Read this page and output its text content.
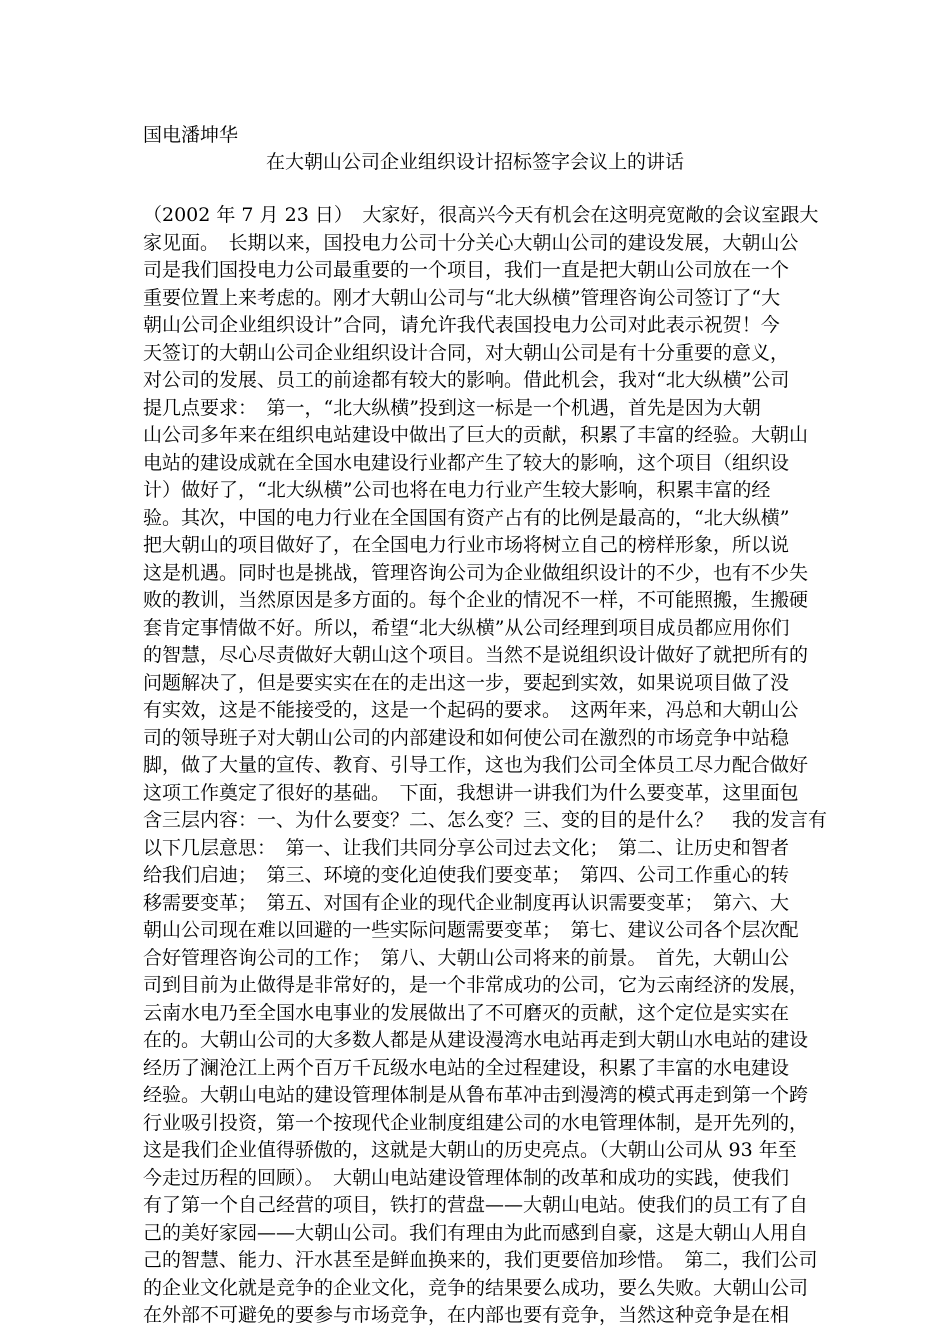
国电潘坤华
在大朝山公司企业组织设计招标签字会议上的讲话
（2002 年 7 月 23 日）　大家好，很高兴今天有机会在这明亮宽敞的会议室跟大
家见面。　长期以来，国投电力公司十分关心大朝山公司的建设发展，大朝山公
司是我们国投电力公司最重要的一个项目，我们一直是把大朝山公司放在一个
重要位置上来考虑的。刚才大朝山公司与“北大纵横”管理咨询公司签订了“大
朝山公司企业组织设计”合同，请允许我代表国投电力公司对此表示祝贺！今
天签订的大朝山公司企业组织设计合同，对大朝山公司是有十分重要的意义，
对公司的发展、员工的前途都有较大的影响。借此机会，我对“北大纵横”公司
提几点要求：　第一，“北大纵横”投到这一标是一个机遇，首先是因为大朝
山公司多年来在组织电站建设中做出了巨大的贡献，积累了丰富的经验。大朝山
电站的建设成就在全国水电建设行业都产生了较大的影响，这个项目（组织设
计）做好了，“北大纵横”公司也将在电力行业产生较大影响，积累丰富的经
验。其次，中国的电力行业在全国国有资产占有的比例是最高的，“北大纵横”
把大朝山的项目做好了，在全国电力行业市场将树立自己的榜样形象，所以说
这是机遇。同时也是挑战，管理咨询公司为企业做组织设计的不少，也有不少失
败的教训，当然原因是多方面的。每个企业的情况不一样，不可能照搬，生搬硬
套肯定事情做不好。所以，希望“北大纵横”从公司经理到项目成员都应用你们
的智慧，尽心尽责做好大朝山这个项目。当然不是说组织设计做好了就把所有的
问题解决了，但是要实实在在的走出这一步，要起到实效，如果说项目做了没
有实效，这是不能接受的，这是一个起码的要求。　这两年来，冯总和大朝山公
司的领导班子对大朝山公司的内部建设和如何使公司在激烈的市场竞争中站稳
脚，做了大量的宣传、教育、引导工作，这也为我们公司全体员工尽力配合做好
这项工作奠定了很好的基础。　下面，我想讲一讲我们为什么要变革，这里面包
含三层内容：一、为什么要变？二、怎么变？三、变的目的是什么？　我的发言有
以下几层意思：　第一、让我们共同分享公司过去文化；　第二、让历史和智者
给我们启迪；　第三、环境的变化迫使我们要变革；　第四、公司工作重心的转
移需要变革；　第五、对国有企业的现代企业制度再认识需要变革；　第六、大
朝山公司现在难以回避的一些实际问题需要变革；　第七、建议公司各个层次配
合好管理咨询公司的工作；　第八、大朝山公司将来的前景。　首先，大朝山公
司到目前为止做得是非常好的，是一个非常成功的公司，它为云南经济的发展，
云南水电乃至全国水电事业的发展做出了不可磨灭的贡献，这个定位是实实在
在的。大朝山公司的大多数人都是从建设漫湾水电站再走到大朝山水电站的建设
经历了澜沧江上两个百万千瓦级水电站的全过程建设，积累了丰富的水电建设
经验。大朝山电站的建设管理体制是从鲁布革冲击到漫湾的模式再走到第一个跨
行业吸引投资，第一个按现代企业制度组建公司的水电管理体制，是开先列的，
这是我们企业值得骄傲的，这就是大朝山的历史亮点。（大朝山公司从 93 年至
今走过历程的回顾）。　大朝山电站建设管理体制的改革和成功的实践，使我们
有了第一个自己经营的项目，铁打的营盘——大朝山电站。使我们的员工有了自
己的美好家园——大朝山公司。我们有理由为此而感到自豪，这是大朝山人用自
己的智慧、能力、汗水甚至是鲜血换来的，我们更要倍加珍惜。　第二，我们公司
的企业文化就是竞争的企业文化，竞争的结果要么成功，要么失败。大朝山公司
在外部不可避免的要参与市场竞争，在内部也要有竞争，当然这种竞争是在相
